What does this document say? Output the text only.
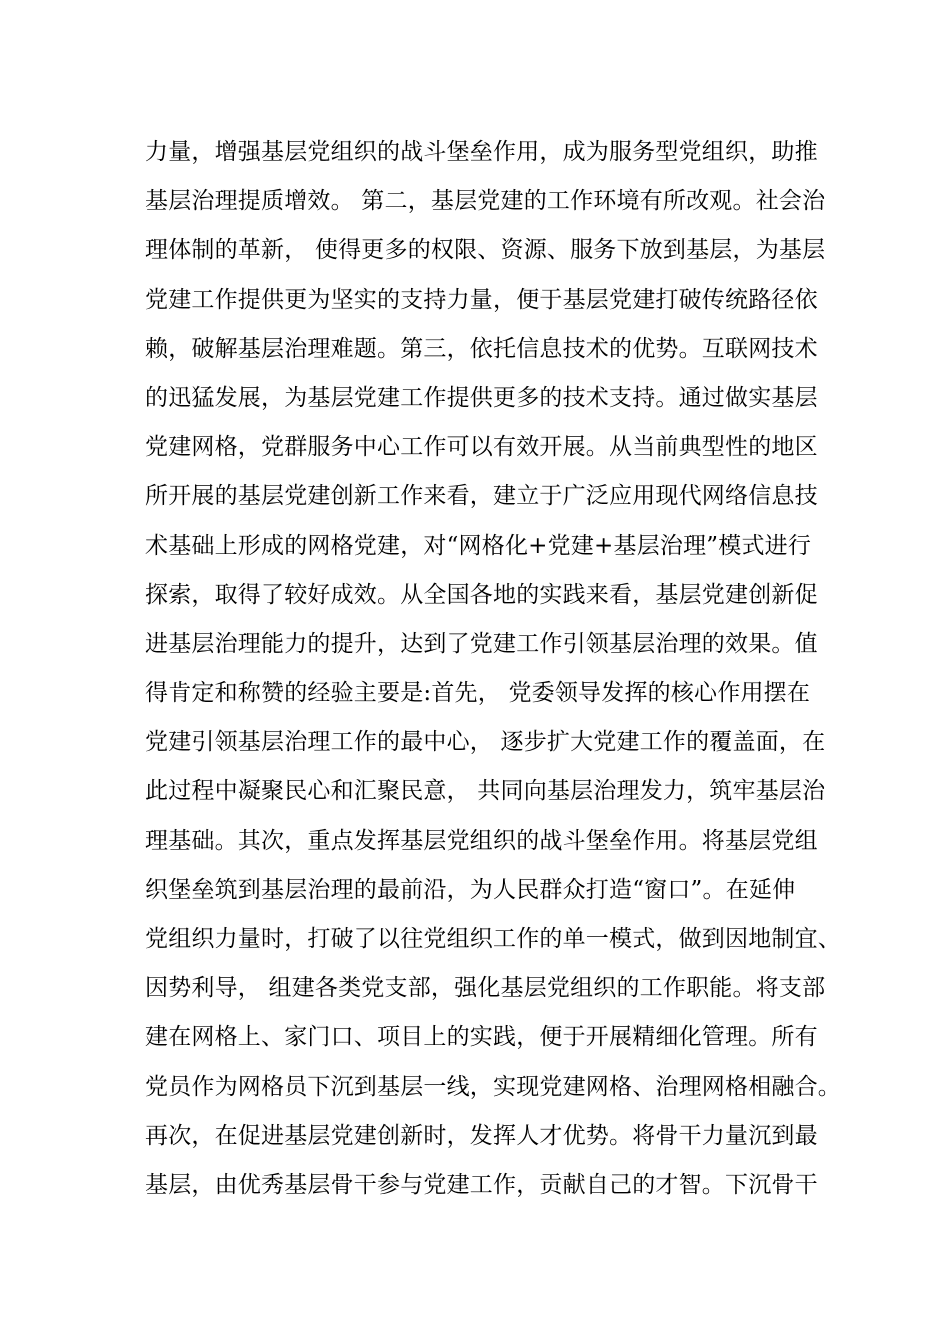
力量，增强基层党组织的战斗堡垒作用，成为服务型党组织，助推
基层治理提质增效。 第二，基层党建的工作环境有所改观。社会治
理体制的革新， 使得更多的权限、资源、服务下放到基层，为基层
党建工作提供更为坚实的支持力量，便于基层党建打破传统路径依
赖，破解基层治理难题。第三，依托信息技术的优势。互联网技术
的迅猛发展，为基层党建工作提供更多的技术支持。通过做实基层
党建网格，党群服务中心工作可以有效开展。从当前典型性的地区
所开展的基层党建创新工作来看，建立于广泛应用现代网络信息技
术基础上形成的网格党建，对“网格化+党建+基层治理”模式进行
探索，取得了较好成效。从全国各地的实践来看，基层党建创新促
进基层治理能力的提升，达到了党建工作引领基层治理的效果。值
得肯定和称赞的经验主要是:首先， 党委领导发挥的核心作用摆在
党建引领基层治理工作的最中心， 逐步扩大党建工作的覆盖面，在
此过程中凝聚民心和汇聚民意， 共同向基层治理发力，筑牢基层治
理基础。其次，重点发挥基层党组织的战斗堡垒作用。将基层党组
织堡垒筑到基层治理的最前沿，为人民群众打造“窗口”。在延伸
党组织力量时，打破了以往党组织工作的单一模式，做到因地制宜、
因势利导， 组建各类党支部，强化基层党组织的工作职能。将支部
建在网格上、家门口、项目上的实践，便于开展精细化管理。所有
党员作为网格员下沉到基层一线，实现党建网格、治理网格相融合。
再次，在促进基层党建创新时，发挥人才优势。将骨干力量沉到最
基层，由优秀基层骨干参与党建工作，贡献自己的才智。下沉骨干
